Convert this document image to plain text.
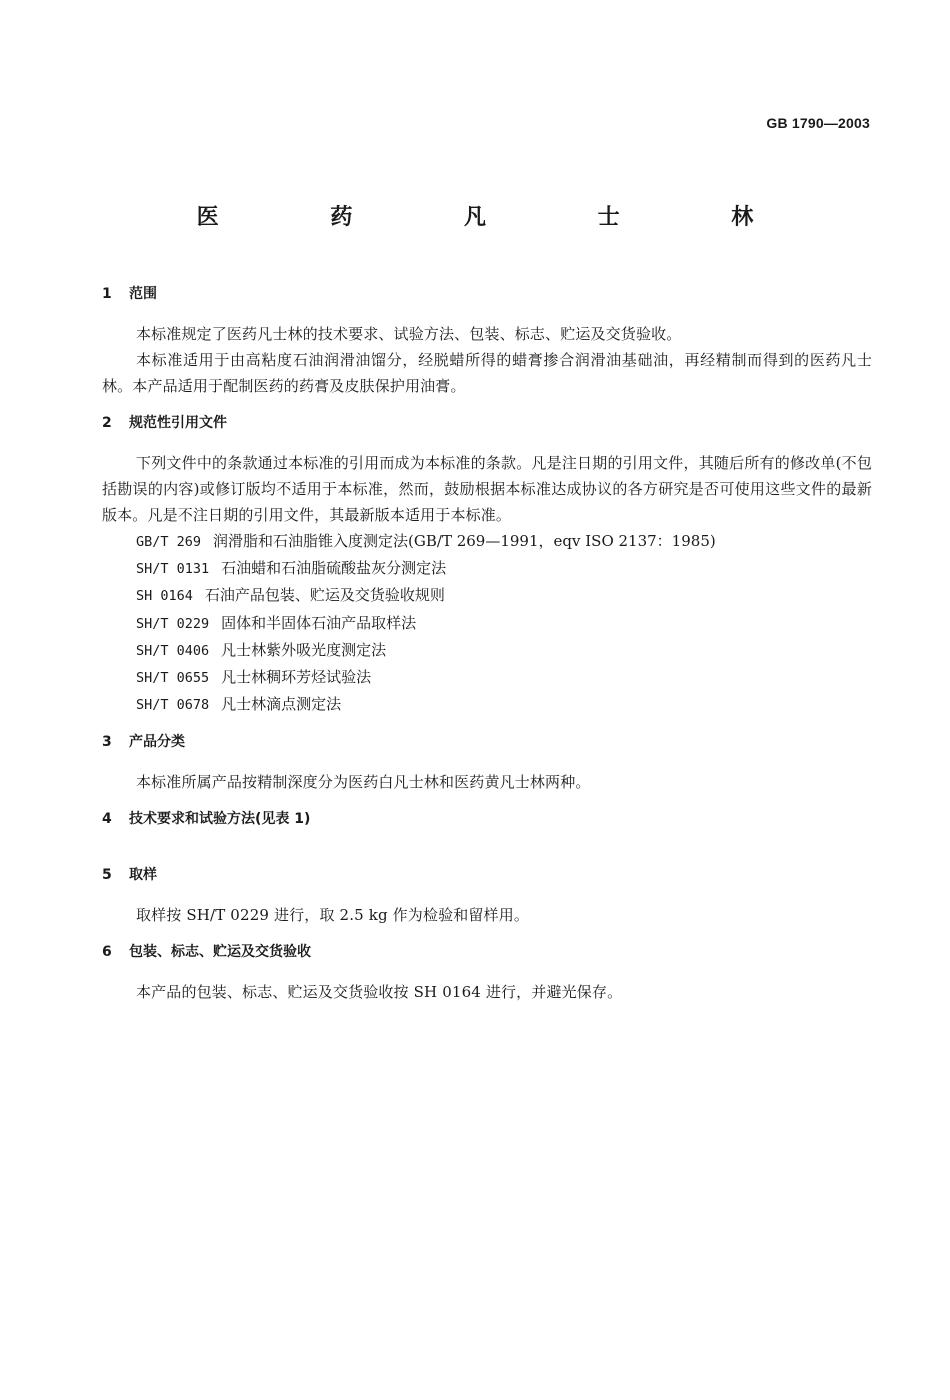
GB 1790—2003
医 药 凡 士 林
1	范围
本标准规定了医药凡士林的技术要求、试验方法、包装、标志、贮运及交货验收。
本标准适用于由高粘度石油润滑油馏分，经脱蜡所得的蜡膏掺合润滑油基础油，再经精制而得到的医药凡士林。本产品适用于配制医药的药膏及皮肤保护用油膏。
2	规范性引用文件
下列文件中的条款通过本标准的引用而成为本标准的条款。凡是注日期的引用文件，其随后所有的修改单(不包括勘误的内容)或修订版均不适用于本标准，然而，鼓励根据本标准达成协议的各方研究是否可使用这些文件的最新版本。凡是不注日期的引用文件，其最新版本适用于本标准。
GB/T 269 润滑脂和石油脂锥入度测定法(GB/T 269—1991，eqv ISO 2137：1985)
SH/T 0131 石油蜡和石油脂硫酸盐灰分测定法
SH 0164 石油产品包装、贮运及交货验收规则
SH/T 0229 固体和半固体石油产品取样法
SH/T 0406 凡士林紫外吸光度测定法
SH/T 0655 凡士林稠环芳烃试验法
SH/T 0678 凡士林滴点测定法
3	产品分类
本标准所属产品按精制深度分为医药白凡士林和医药黄凡士林两种。
4	技术要求和试验方法(见表 1)
5	取样
取样按 SH/T 0229 进行，取 2.5 kg 作为检验和留样用。
6	包装、标志、贮运及交货验收
本产品的包装、标志、贮运及交货验收按 SH 0164 进行，并避光保存。
